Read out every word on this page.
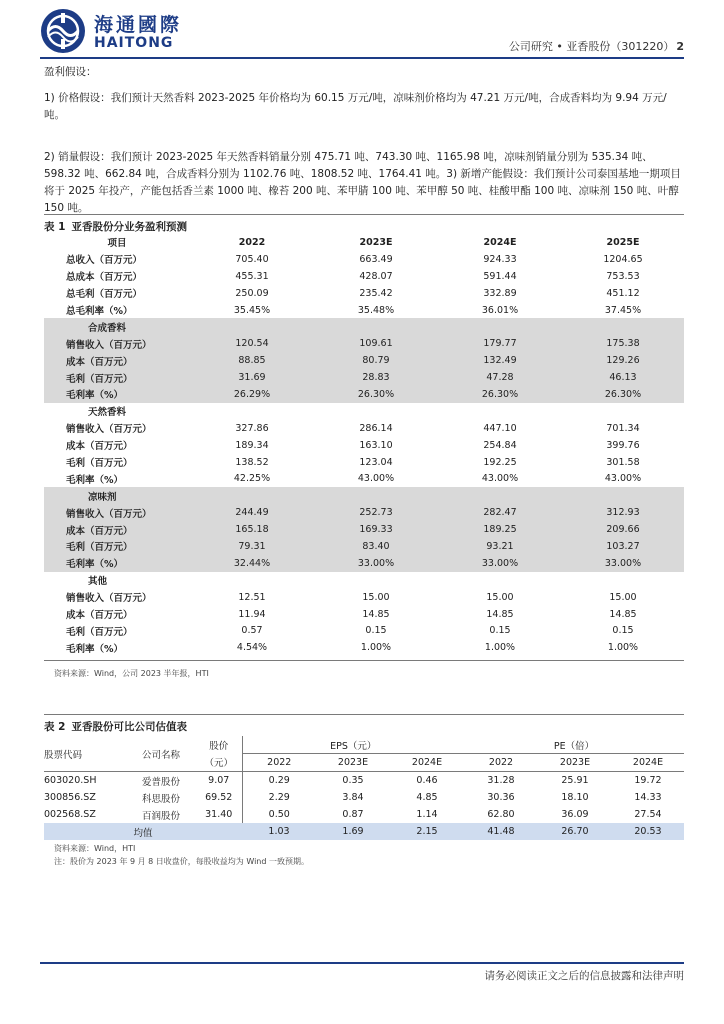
海通國際
HAITONG	公司研究 • 亚香股份（301220） 2
盈利假设：
1) 价格假设：我们预计天然香料 2023-2025 年价格均为 60.15 万元/吨，凉味剂价格均为 47.21 万元/吨，合成香料均为 9.94 万元/吨。
2) 销量假设：我们预计 2023-2025 年天然香料销量分别 475.71 吨、743.30 吨、1165.98 吨，凉味剂销量分别为 535.34 吨、598.32 吨、662.84 吨，合成香料分别为 1102.76 吨、1808.52 吨、1764.41 吨。3) 新增产能假设：我们预计公司泰国基地一期项目将于 2025 年投产，产能包括香兰素 1000 吨、橡苔 200 吨、苯甲腈 100 吨、苯甲醇 50 吨、桂酸甲酯 100 吨、凉味剂 150 吨、叶醇 150 吨。
表 1 亚香股份分业务盈利预测
项目	2022	2023E	2024E	2025E
总收入（百万元）	705.40	663.49	924.33	1204.65
总成本（百万元）	455.31	428.07	591.44	753.53
总毛利（百万元）	250.09	235.42	332.89	451.12
总毛利率（%）	35.45%	35.48%	36.01%	37.45%
合成香料				
销售收入（百万元）	120.54	109.61	179.77	175.38
成本（百万元）	88.85	80.79	132.49	129.26
毛利（百万元）	31.69	28.83	47.28	46.13
毛利率（%）	26.29%	26.30%	26.30%	26.30%
天然香料				
销售收入（百万元）	327.86	286.14	447.10	701.34
成本（百万元）	189.34	163.10	254.84	399.76
毛利（百万元）	138.52	123.04	192.25	301.58
毛利率（%）	42.25%	43.00%	43.00%	43.00%
凉味剂				
销售收入（百万元）	244.49	252.73	282.47	312.93
成本（百万元）	165.18	169.33	189.25	209.66
毛利（百万元）	79.31	83.40	93.21	103.27
毛利率（%）	32.44%	33.00%	33.00%	33.00%
其他				
销售收入（百万元）	12.51	15.00	15.00	15.00
成本（百万元）	11.94	14.85	14.85	14.85
毛利（百万元）	0.57	0.15	0.15	0.15
毛利率（%）	4.54%	1.00%	1.00%	1.00%
资料来源：Wind，公司 2023 半年报，HTI
表 2 亚香股份可比公司估值表
股票代码	公司名称	股价	EPS（元）			PE（倍）		
		（元）	2022	2023E	2024E	2022	2023E	2024E
603020.SH	爱普股份	9.07	0.29	0.35	0.46	31.28	25.91	19.72
300856.SZ	科思股份	69.52	2.29	3.84	4.85	30.36	18.10	14.33
002568.SZ	百润股份	31.40	0.50	0.87	1.14	62.80	36.09	27.54
均值			1.03	1.69	2.15	41.48	26.70	20.53
资料来源：Wind，HTI
注：股价为 2023 年 9 月 8 日收盘价，每股收益均为 Wind 一致预期。
请务必阅读正文之后的信息披露和法律声明
